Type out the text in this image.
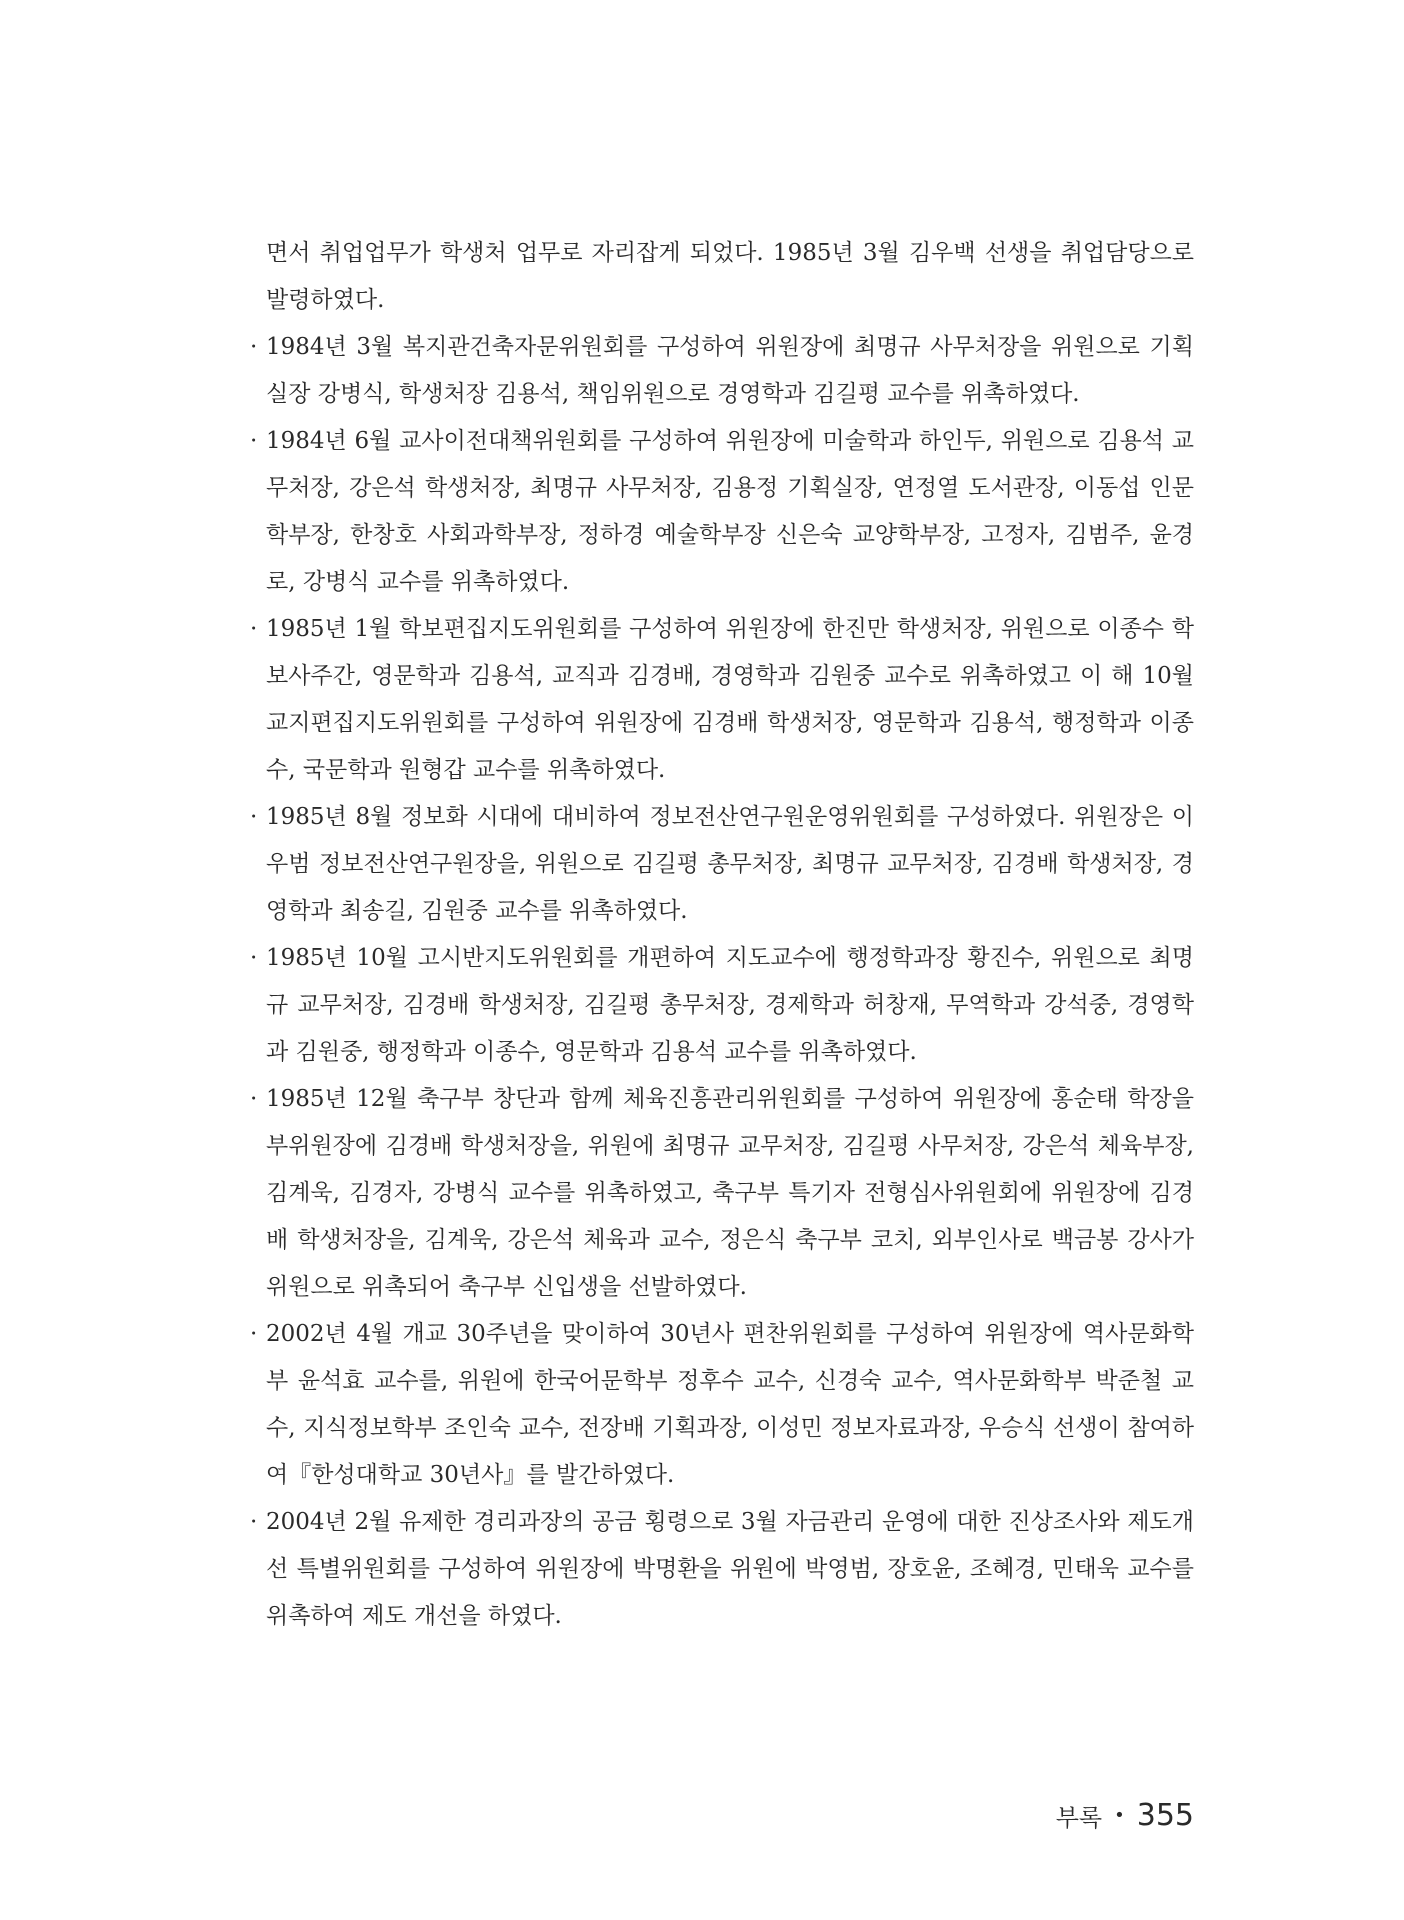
면서 취업업무가 학생처 업무로 자리잡게 되었다. 1985년 3월 김우백 선생을 취업담당으로 발령하였다.

· 1984년 3월 복지관건축자문위원회를 구성하여 위원장에 최명규 사무처장을 위원으로 기획실장 강병식, 학생처장 김용석, 책임위원으로 경영학과 김길평 교수를 위촉하였다.
· 1984년 6월 교사이전대책위원회를 구성하여 위원장에 미술학과 하인두, 위원으로 김용석 교무처장, 강은석 학생처장, 최명규 사무처장, 김용정 기획실장, 연정열 도서관장, 이동섭 인문학부장, 한창호 사회과학부장, 정하경 예술학부장 신은숙 교양학부장, 고정자, 김범주, 윤경로, 강병식 교수를 위촉하였다.
· 1985년 1월 학보편집지도위원회를 구성하여 위원장에 한진만 학생처장, 위원으로 이종수 학보사주간, 영문학과 김용석, 교직과 김경배, 경영학과 김원중 교수로 위촉하였고 이 해 10월 교지편집지도위원회를 구성하여 위원장에 김경배 학생처장, 영문학과 김용석, 행정학과 이종수, 국문학과 원형갑 교수를 위촉하였다.
· 1985년 8월 정보화 시대에 대비하여 정보전산연구원운영위원회를 구성하였다. 위원장은 이우범 정보전산연구원장을, 위원으로 김길평 총무처장, 최명규 교무처장, 김경배 학생처장, 경영학과 최송길, 김원중 교수를 위촉하였다.
· 1985년 10월 고시반지도위원회를 개편하여 지도교수에 행정학과장 황진수, 위원으로 최명규 교무처장, 김경배 학생처장, 김길평 총무처장, 경제학과 허창재, 무역학과 강석중, 경영학과 김원중, 행정학과 이종수, 영문학과 김용석 교수를 위촉하였다.
· 1985년 12월 축구부 창단과 함께 체육진흥관리위원회를 구성하여 위원장에 홍순태 학장을 부위원장에 김경배 학생처장을, 위원에 최명규 교무처장, 김길평 사무처장, 강은석 체육부장, 김계욱, 김경자, 강병식 교수를 위촉하였고, 축구부 특기자 전형심사위원회에 위원장에 김경배 학생처장을, 김계욱, 강은석 체육과 교수, 정은식 축구부 코치, 외부인사로 백금봉 강사가 위원으로 위촉되어 축구부 신입생을 선발하였다.
· 2002년 4월 개교 30주년을 맞이하여 30년사 편찬위원회를 구성하여 위원장에 역사문화학부 윤석효 교수를, 위원에 한국어문학부 정후수 교수, 신경숙 교수, 역사문화학부 박준철 교수, 지식정보학부 조인숙 교수, 전장배 기획과장, 이성민 정보자료과장, 우승식 선생이 참여하여『한성대학교 30년사』를 발간하였다.
· 2004년 2월 유제한 경리과장의 공금 횡령으로 3월 자금관리 운영에 대한 진상조사와 제도개선 특별위원회를 구성하여 위원장에 박명환을 위원에 박영범, 장호윤, 조혜경, 민태욱 교수를 위촉하여 제도 개선을 하였다.
부록 • 355
